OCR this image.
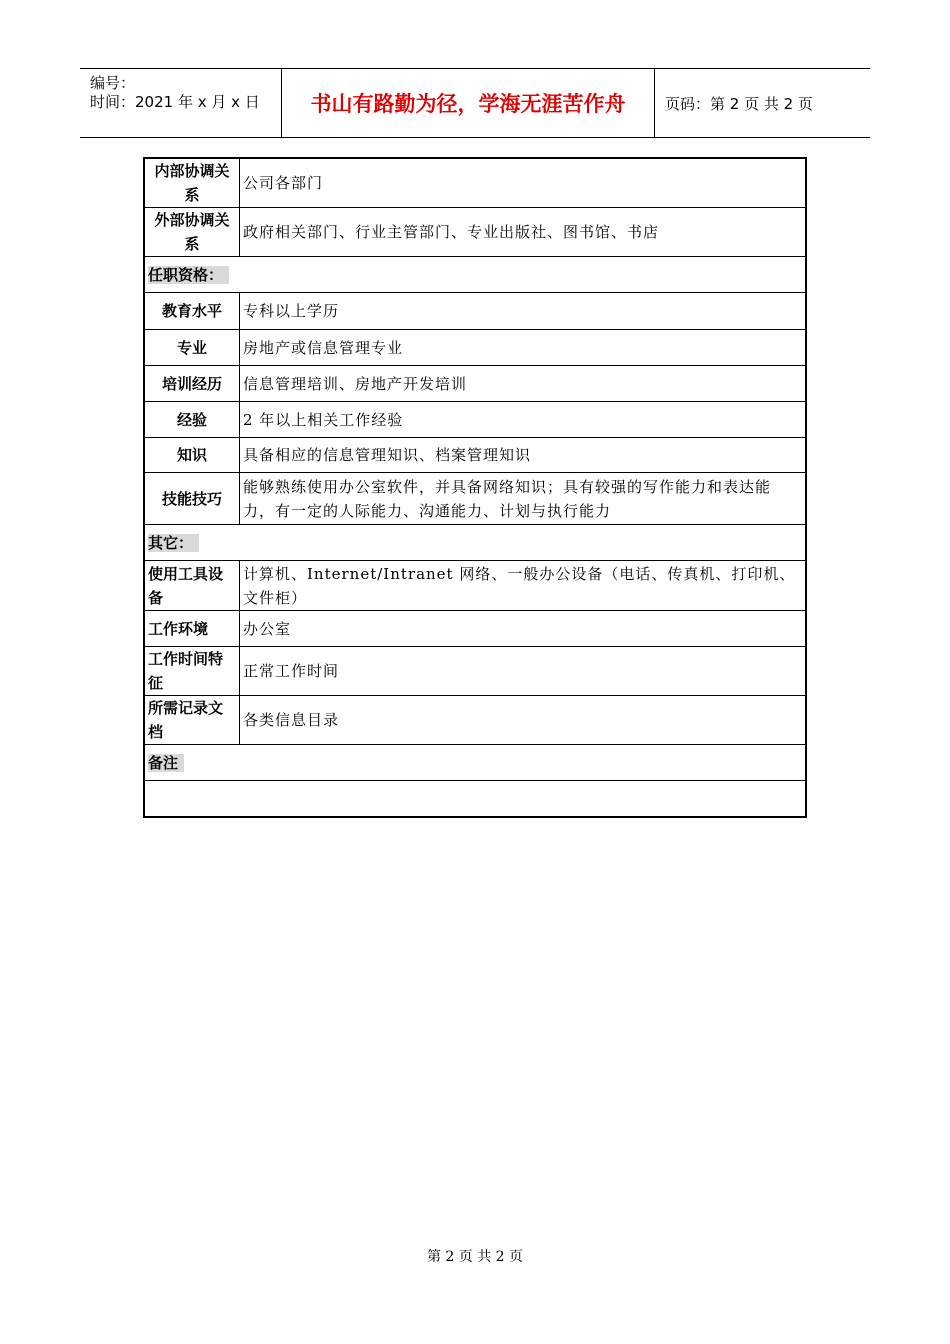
编号：
时间：2021 年 x 月 x 日	书山有路勤为径，学海无涯苦作舟	页码：第 2 页 共 2 页
内部协调关系	公司各部门
外部协调关系	政府相关部门、行业主管部门、专业出版社、图书馆、书店
任职资格：	
教育水平	专科以上学历
专业	房地产或信息管理专业
培训经历	信息管理培训、房地产开发培训
经验	2 年以上相关工作经验
知识	具备相应的信息管理知识、档案管理知识
技能技巧	能够熟练使用办公室软件，并具备网络知识；具有较强的写作能力和表达能力，有一定的人际能力、沟通能力、计划与执行能力
其它：	
使用工具设备	计算机、Internet/Intranet 网络、一般办公设备（电话、传真机、打印机、文件柜）
工作环境	办公室
工作时间特征	正常工作时间
所需记录文档	各类信息目录
备注	

第 2 页 共 2 页
